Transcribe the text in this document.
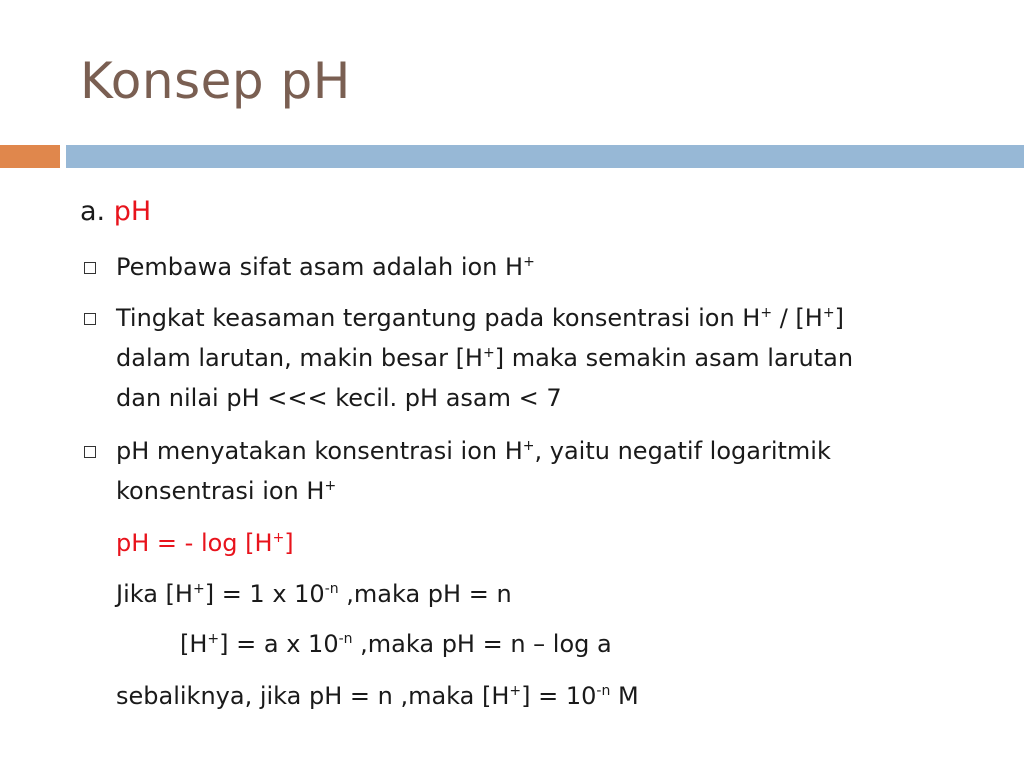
Konsep pH
a. pH
Pembawa sifat asam adalah ion H+
Tingkat keasaman tergantung pada konsentrasi ion H+ / [H+]
dalam larutan, makin besar [H+] maka semakin asam larutan
dan nilai pH <<< kecil. pH asam < 7
pH menyatakan konsentrasi ion H+, yaitu negatif logaritmik
konsentrasi ion H+
pH = - log [H+]
Jika [H+] = 1 x $10^{-n}$ ,maka pH = n
[H+] = a x $10^{-n}$ ,maka pH = n – log a
sebaliknya, jika pH = n ,maka $[H^+] = 10^{-n}$ M
